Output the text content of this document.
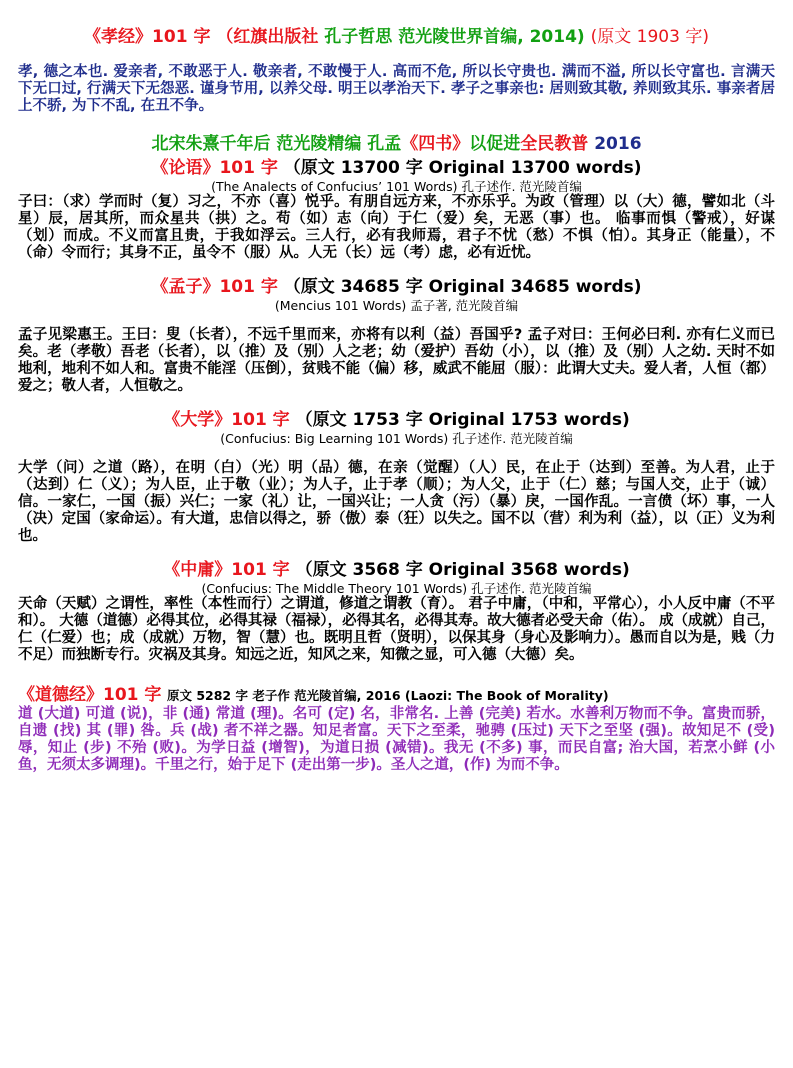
《孝经》101 字 （红旗出版社 孔子哲思 范光陵世界首编, 2014) (原文 1903 字)
孝, 德之本也. 爱亲者, 不敢恶于人. 敬亲者, 不敢慢于人. 高而不危, 所以长守贵也. 满而不溢, 所以长守富也. 言满天下无口过, 行满天下无怨恶. 谨身节用, 以养父母. 明王以孝治天下. 孝子之事亲也: 居则致其敬, 养则致其乐. 事亲者居上不骄, 为下不乱, 在丑不争。
北宋朱熹千年后 范光陵精编 孔孟《四书》以促进全民教普 2016
《论语》101 字 （原文 13700 字 Original 13700 words)
(The Analects of Confucius’ 101 Words) 孔子述作. 范光陵首编
子曰：（求）学而时（复）习之，不亦（喜）悦乎。有朋自远方来，不亦乐乎。为政（管理）以（大）德，譬如北（斗星）辰，居其所，而众星共（拱）之。苟（如）志（向）于仁（爱）矣，无恶（事）也。 临事而惧（警戒），好谋（划）而成。不义而富且贵，于我如浮云。三人行，必有我师焉，君子不忧（愁）不惧（怕）。其身正（能量），不（命）令而行；其身不正，虽令不（服）从。人无（长）远（考）虑，必有近忧。
《孟子》101 字 （原文 34685 字 Original 34685 words)
(Mencius 101 Words) 孟子著, 范光陵首编
孟子见梁惠王。王曰：叟（长者），不远千里而来，亦将有以利（益）吾国乎? 孟子对曰：王何必曰利. 亦有仁义而已矣。老（孝敬）吾老（长者），以（推）及（别）人之老；幼（爱护）吾幼（小），以（推）及（别）人之幼. 天时不如地利，地利不如人和。富贵不能淫（压倒），贫贱不能（偏）移，威武不能屈（服）：此谓大丈夫。爱人者，人恒（都）爱之；敬人者，人恒敬之。
《大学》101 字 （原文 1753 字 Original 1753 words)
(Confucius: Big Learning 101 Words) 孔子述作. 范光陵首编
大学（问）之道（路），在明（白）（光）明（品）德，在亲（觉醒）（人）民，在止于（达到）至善。为人君，止于（达到）仁（义）；为人臣，止于敬（业）；为人子，止于孝（顺）；为人父，止于（仁）慈；与国人交，止于（诚）信。一家仁，一国（振）兴仁；一家（礼）让，一国兴让；一人贪（污）（暴）戾，一国作乱。一言偾（坏）事，一人（决）定国（家命运）。有大道，忠信以得之，骄（傲）泰（狂）以失之。国不以（营）利为利（益），以（正）义为利也。
《中庸》101 字 （原文 3568 字 Original 3568 words)
(Confucius: The Middle Theory 101 Words) 孔子述作. 范光陵首编
天命（天赋）之谓性，率性（本性而行）之谓道，修道之谓教（育）。 君子中庸，（中和，平常心），小人反中庸（不平和）。 大德（道德）必得其位，必得其禄（福禄），必得其名，必得其寿。故大德者必受天命（佑）。 成（成就）自己，仁（仁爱）也；成（成就）万物，智（慧）也。既明且哲（贤明），以保其身（身心及影响力）。愚而自以为是，贱（力不足）而独断专行。灾祸及其身。知远之近，知风之来，知微之显，可入德（大德）矣。
《道德经》101 字 原文 5282 字 老子作 范光陵首编, 2016 (Laozi: The Book of Morality)
道 (大道) 可道 (说)，非 (通) 常道 (理)。名可 (定) 名，非常名. 上善 (完美) 若水。水善利万物而不争。富贵而骄，自遗 (找) 其 (罪) 咎。兵 (战) 者不祥之器。知足者富。天下之至柔，驰骋 (压过) 天下之至坚 (强)。故知足不 (受) 辱，知止 (步) 不殆 (败)。为学日益 (增智)，为道日损 (减错)。我无 (不多) 事，而民自富; 治大国，若烹小鲜 (小鱼，无须太多调理)。千里之行，始于足下 (走出第一步)。圣人之道，(作) 为而不争。
